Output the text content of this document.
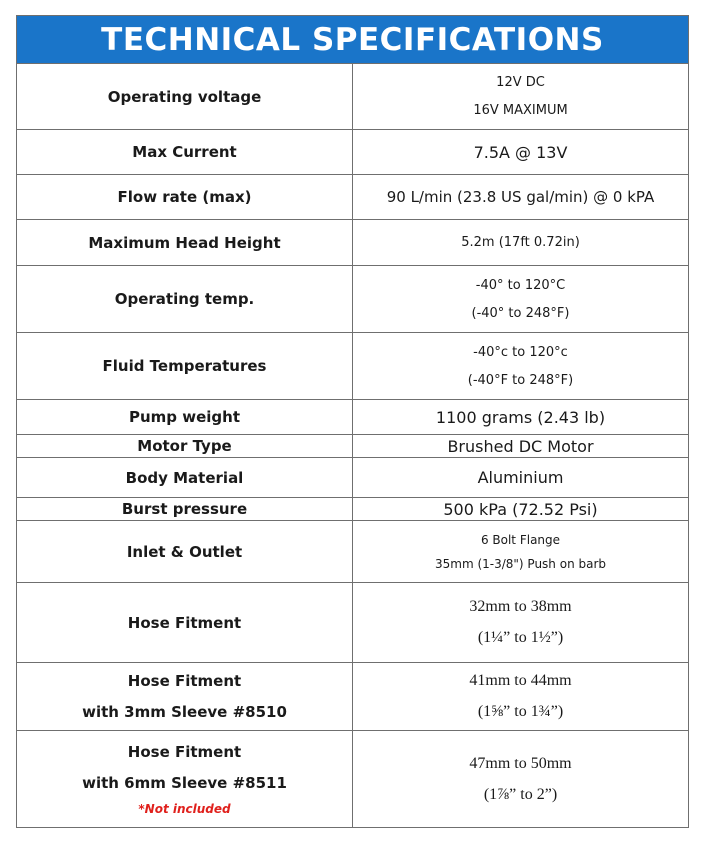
TECHNICAL SPECIFICATIONS	

Operating voltage	12V DC
16V MAXIMUM

Max Current	7.5A @ 13V

Flow rate (max)	90 L/min (23.8 US gal/min) @ 0 kPA

Maximum Head Height	5.2m (17ft 0.72in)

Operating temp.	-40° to 120°C
(-40° to 248°F)

Fluid Temperatures	-40°c to 120°c
(-40°F to 248°F)

Pump weight	1100 grams (2.43 lb)

Motor Type	Brushed DC Motor

Body Material	Aluminium

Burst pressure	500 kPa (72.52 Psi)

Inlet & Outlet	6 Bolt Flange
35mm (1-3/8") Push on barb

Hose Fitment	32mm to 38mm
(1¼” to 1½”)

Hose Fitment
with 3mm Sleeve #8510	41mm to 44mm
(1⅝” to 1¾”)

Hose Fitment
with 6mm Sleeve #8511
*Not included	47mm to 50mm
(1⅞” to 2”)
